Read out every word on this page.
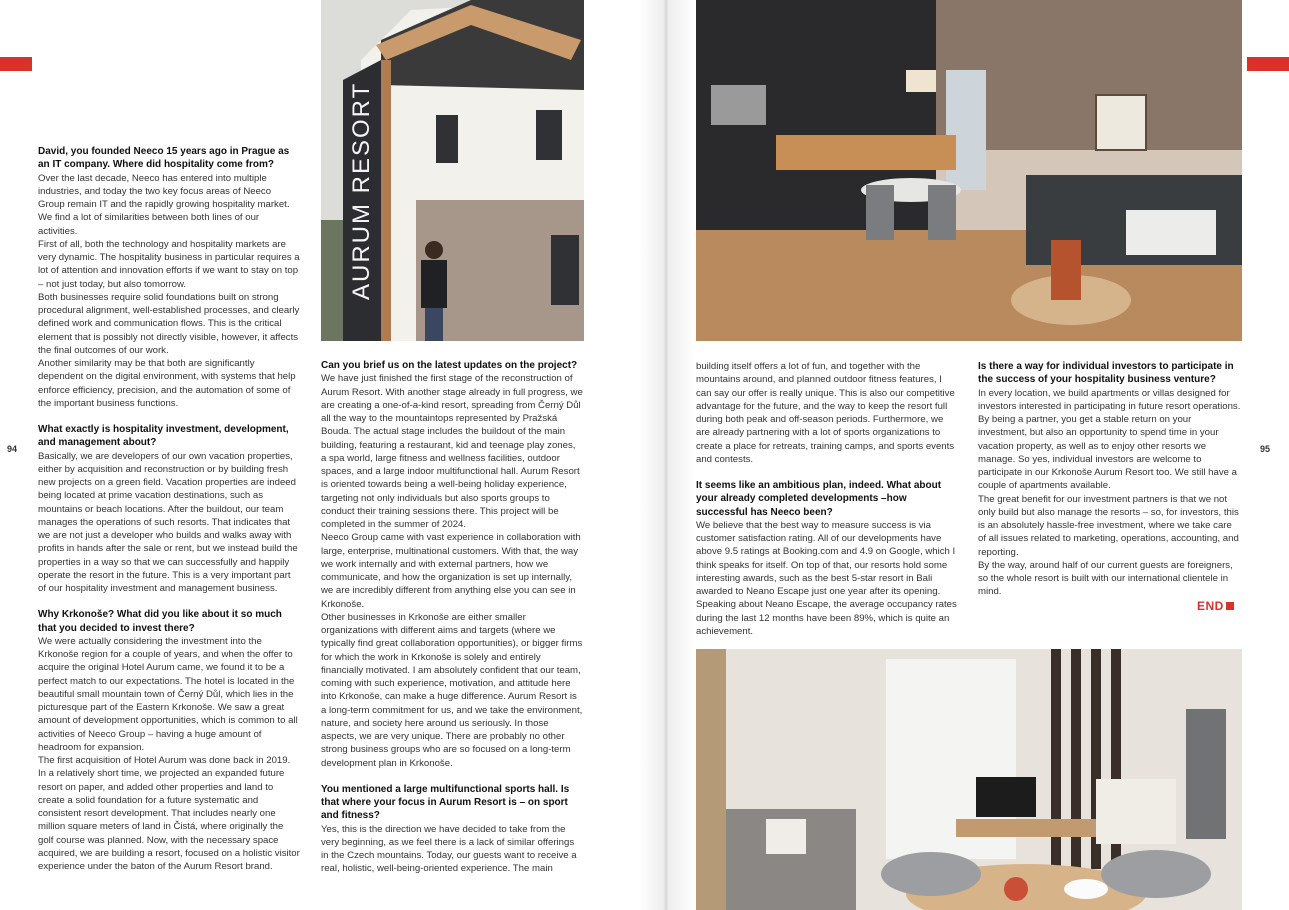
94	95
AURUM RESORT
David, you founded Neeco 15 years ago in Prague as an IT company. Where did hospitality come from?

Over the last decade, Neeco has entered into multiple industries, and today the two key focus areas of Neeco Group remain IT and the rapidly growing hospitality market. We find a lot of similarities between both lines of our activities.

First of all, both the technology and hospitality markets are very dynamic. The hospitality business in particular requires a lot of attention and innovation efforts if we want to stay on top – not just today, but also tomorrow.

Both businesses require solid foundations built on strong procedural alignment, well-established processes, and clearly defined work and communication flows. This is the critical element that is possibly not directly visible, however, it affects the final outcomes of our work.

Another similarity may be that both are significantly dependent on the digital environment, with systems that help enforce efficiency, precision, and the automation of some of the important business functions.

What exactly is hospitality investment, development, and management about?

Basically, we are developers of our own vacation properties, either by acquisition and reconstruction or by building fresh new projects on a green field. Vacation properties are indeed being located at prime vacation destinations, such as mountains or beach locations. After the buildout, our team manages the operations of such resorts. That indicates that we are not just a developer who builds and walks away with profits in hands after the sale or rent, but we instead build the properties in a way so that we can successfully and happily operate the resort in the future. This is a very important part of our hospitality investment and management business.

Why Krkonoše? What did you like about it so much that you decided to invest there?

We were actually considering the investment into the Krkonoše region for a couple of years, and when the offer to acquire the original Hotel Aurum came, we found it to be a perfect match to our expectations. The hotel is located in the beautiful small mountain town of Černý Důl, which lies in the picturesque part of the Eastern Krkonoše. We saw a great amount of development opportunities, which is common to all activities of Neeco Group – having a huge amount of headroom for expansion.

The first acquisition of Hotel Aurum was done back in 2019. In a relatively short time, we projected an expanded future resort on paper, and added other properties and land to create a solid foundation for a future systematic and consistent resort development. That includes nearly one million square meters of land in Čistá, where originally the golf course was planned. Now, with the necessary space acquired, we are building a resort, focused on a holistic visitor experience under the baton of the Aurum Resort brand.

Can you brief us on the latest updates on the project?

We have just finished the first stage of the reconstruction of Aurum Resort. With another stage already in full progress, we are creating a one-of-a-kind resort, spreading from Černý Důl all the way to the mountaintops represented by Pražská Bouda. The actual stage includes the buildout of the main building, featuring a restaurant, kid and teenage play zones, a spa world, large fitness and wellness facilities, outdoor spaces, and a large indoor multifunctional hall. Aurum Resort is oriented towards being a well-being holiday experience, targeting not only individuals but also sports groups to conduct their training sessions there. This project will be completed in the summer of 2024.

Neeco Group came with vast experience in collaboration with large, enterprise, multinational customers. With that, the way we work internally and with external partners, how we communicate, and how the organization is set up internally, we are incredibly different from anything else you can see in Krkonoše.

Other businesses in Krkonoše are either smaller organizations with different aims and targets (where we typically find great collaboration opportunities), or bigger firms for which the work in Krkonoše is solely and entirely financially motivated. I am absolutely confident that our team, coming with such experience, motivation, and attitude here into Krkonoše, can make a huge difference. Aurum Resort is a long-term commitment for us, and we take the environment, nature, and society here around us seriously. In those aspects, we are very unique. There are probably no other strong business groups who are so focused on a long-term development plan in Krkonoše.

You mentioned a large multifunctional sports hall. Is that where your focus in Aurum Resort is – on sport and fitness?

Yes, this is the direction we have decided to take from the very beginning, as we feel there is a lack of similar offerings in the Czech mountains. Today, our guests want to receive a real, holistic, well-being-oriented experience. The main

building itself offers a lot of fun, and together with the mountains around, and planned outdoor fitness features, I can say our offer is really unique. This is also our competitive advantage for the future, and the way to keep the resort full during both peak and off-season periods. Furthermore, we are already partnering with a lot of sports organizations to create a place for retreats, training camps, and sports events and contests.

It seems like an ambitious plan, indeed. What about your already completed developments –how successful has Neeco been?

We believe that the best way to measure success is via customer satisfaction rating. All of our developments have above 9.5 ratings at Booking.com and 4.9 on Google, which I think speaks for itself. On top of that, our resorts hold some interesting awards, such as the best 5-star resort in Bali awarded to Neano Escape just one year after its opening. Speaking about Neano Escape, the average occupancy rates during the last 12 months have been 89%, which is quite an achievement.

Is there a way for individual investors to participate in the success of your hospitality business venture?

In every location, we build apartments or villas designed for investors interested in participating in future resort operations. By being a partner, you get a stable return on your investment, but also an opportunity to spend time in your vacation property, as well as to enjoy other resorts we manage. So yes, individual investors are welcome to participate in our Krkonoše Aurum Resort too. We still have a couple of apartments available.

The great benefit for our investment partners is that we not only build but also manage the resorts – so, for investors, this is an absolutely hassle-free investment, where we take care of all issues related to marketing, operations, accounting, and reporting.

By the way, around half of our current guests are foreigners, so the whole resort is built with our international clientele in mind.

END
